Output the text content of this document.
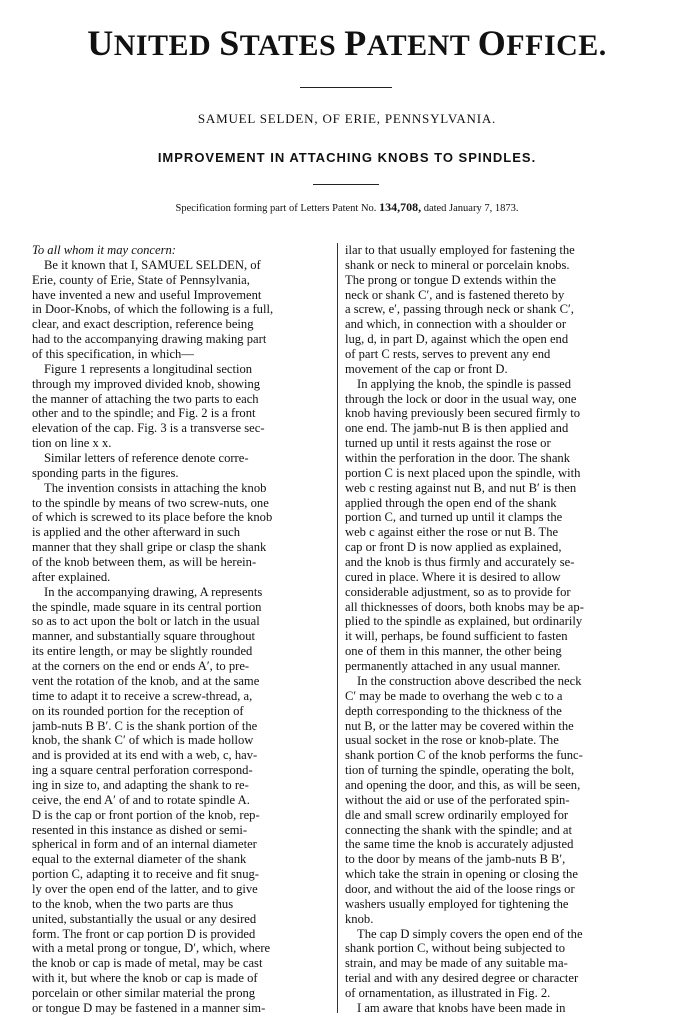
UNITED STATES PATENT OFFICE.
SAMUEL SELDEN, OF ERIE, PENNSYLVANIA.
IMPROVEMENT IN ATTACHING KNOBS TO SPINDLES.
Specification forming part of Letters Patent No. 134,708, dated January 7, 1873.
To all whom it may concern:
Be it known that I, SAMUEL SELDEN, of
Erie, county of Erie, State of Pennsylvania,
have invented a new and useful Improvement
in Door-Knobs, of which the following is a full,
clear, and exact description, reference being
had to the accompanying drawing making part
of this specification, in which—
Figure 1 represents a longitudinal section
through my improved divided knob, showing
the manner of attaching the two parts to each
other and to the spindle; and Fig. 2 is a front
elevation of the cap. Fig. 3 is a transverse sec-
tion on line x x.
Similar letters of reference denote corre-
sponding parts in the figures.
The invention consists in attaching the knob
to the spindle by means of two screw-nuts, one
of which is screwed to its place before the knob
is applied and the other afterward in such
manner that they shall gripe or clasp the shank
of the knob between them, as will be herein-
after explained.
In the accompanying drawing, A represents
the spindle, made square in its central portion
so as to act upon the bolt or latch in the usual
manner, and substantially square throughout
its entire length, or may be slightly rounded
at the corners on the end or ends A′, to pre-
vent the rotation of the knob, and at the same
time to adapt it to receive a screw-thread, a,
on its rounded portion for the reception of
jamb-nuts B B′. C is the shank portion of the
knob, the shank C′ of which is made hollow
and is provided at its end with a web, c, hav-
ing a square central perforation correspond-
ing in size to, and adapting the shank to re-
ceive, the end A′ of and to rotate spindle A.
D is the cap or front portion of the knob, rep-
resented in this instance as dished or semi-
spherical in form and of an internal diameter
equal to the external diameter of the shank
portion C, adapting it to receive and fit snug-
ly over the open end of the latter, and to give
to the knob, when the two parts are thus
united, substantially the usual or any desired
form. The front or cap portion D is provided
with a metal prong or tongue, D′, which, where
the knob or cap is made of metal, may be cast
with it, but where the knob or cap is made of
porcelain or other similar material the prong
or tongue D may be fastened in a manner sim-
ilar to that usually employed for fastening the
shank or neck to mineral or porcelain knobs.
The prong or tongue D extends within the
neck or shank C′, and is fastened thereto by
a screw, e′, passing through neck or shank C′,
and which, in connection with a shoulder or
lug, d, in part D, against which the open end
of part C rests, serves to prevent any end
movement of the cap or front D.
In applying the knob, the spindle is passed
through the lock or door in the usual way, one
knob having previously been secured firmly to
one end. The jamb-nut B is then applied and
turned up until it rests against the rose or
within the perforation in the door. The shank
portion C is next placed upon the spindle, with
web c resting against nut B, and nut B′ is then
applied through the open end of the shank
portion C, and turned up until it clamps the
web c against either the rose or nut B. The
cap or front D is now applied as explained,
and the knob is thus firmly and accurately se-
cured in place. Where it is desired to allow
considerable adjustment, so as to provide for
all thicknesses of doors, both knobs may be ap-
plied to the spindle as explained, but ordinarily
it will, perhaps, be found sufficient to fasten
one of them in this manner, the other being
permanently attached in any usual manner.
In the construction above described the neck
C′ may be made to overhang the web c to a
depth corresponding to the thickness of the
nut B, or the latter may be covered within the
usual socket in the rose or knob-plate. The
shank portion C of the knob performs the func-
tion of turning the spindle, operating the bolt,
and opening the door, and this, as will be seen,
without the aid or use of the perforated spin-
dle and small screw ordinarily employed for
connecting the shank with the spindle; and at
the same time the knob is accurately adjusted
to the door by means of the jamb-nuts B B′,
which take the strain in opening or closing the
door, and without the aid of the loose rings or
washers usually employed for tightening the
knob.
The cap D simply covers the open end of the
shank portion C, without being subjected to
strain, and may be made of any suitable ma-
terial and with any desired degree or character
of ornamentation, as illustrated in Fig. 2.
I am aware that knobs have been made in
